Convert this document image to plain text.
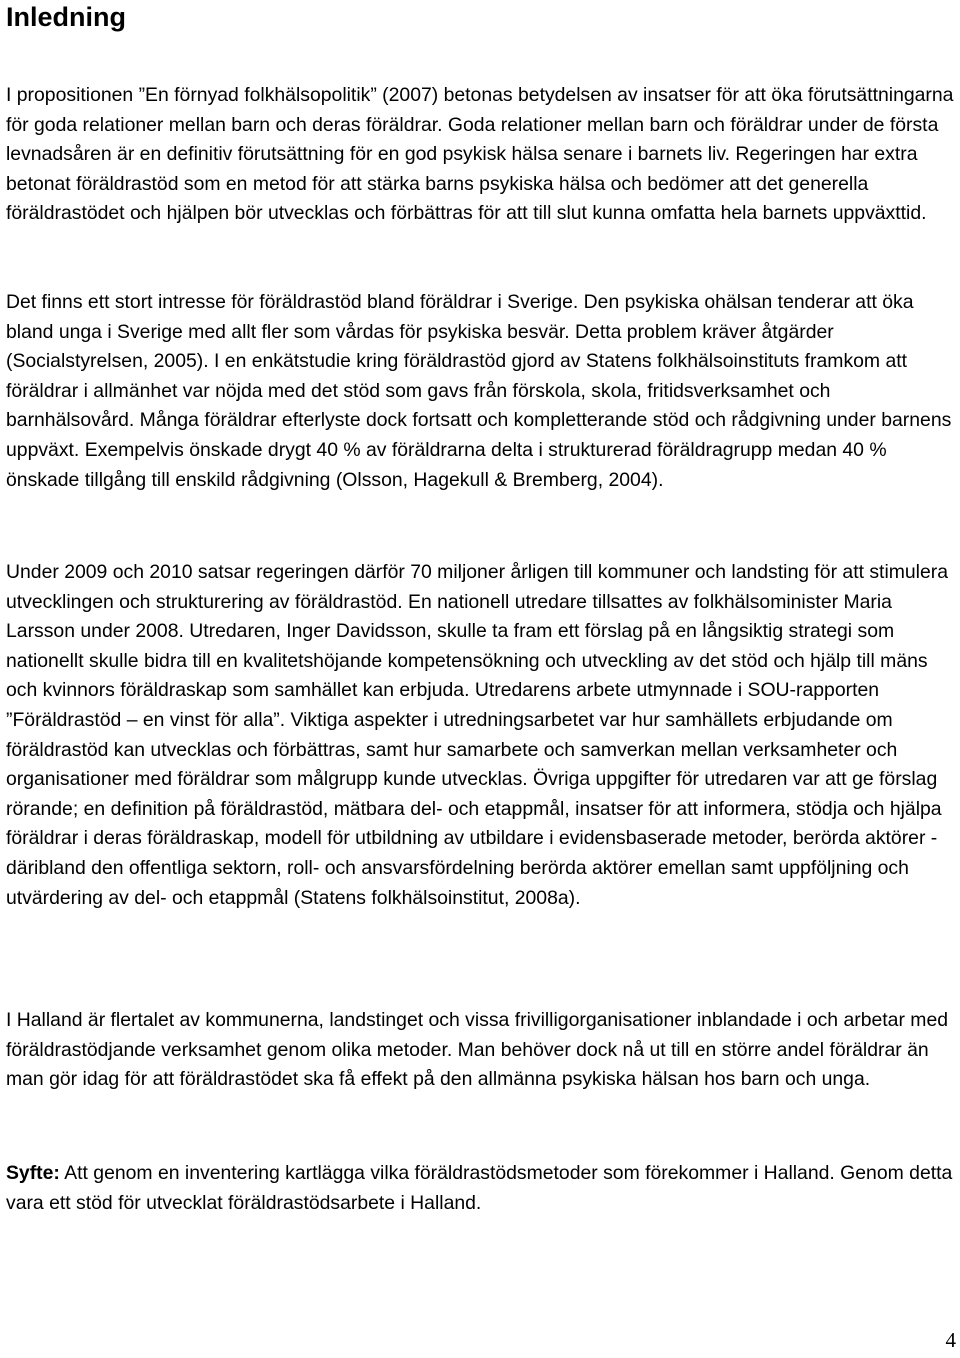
Inledning

I propositionen ”En förnyad folkhälsopolitik” (2007) betonas betydelsen av insatser för att öka förutsättningarna för goda relationer mellan barn och deras föräldrar. Goda relationer mellan barn och föräldrar under de första levnadsåren är en definitiv förutsättning för en god psykisk hälsa senare i barnets liv. Regeringen har extra betonat föräldrastöd som en metod för att stärka barns psykiska hälsa och bedömer att det generella föräldrastödet och hjälpen bör utvecklas och förbättras för att till slut kunna omfatta hela barnets uppväxttid.

Det finns ett stort intresse för föräldrastöd bland föräldrar i Sverige. Den psykiska ohälsan tenderar att öka bland unga i Sverige med allt fler som vårdas för psykiska besvär. Detta problem kräver åtgärder (Socialstyrelsen, 2005). I en enkätstudie kring föräldrastöd gjord av Statens folkhälsoinstituts framkom att föräldrar i allmänhet var nöjda med det stöd som gavs från förskola, skola, fritidsverksamhet och barnhälsovård. Många föräldrar efterlyste dock fortsatt och kompletterande stöd och rådgivning under barnens uppväxt. Exempelvis önskade drygt 40 % av föräldrarna delta i strukturerad föräldragrupp medan 40 % önskade tillgång till enskild rådgivning (Olsson, Hagekull & Bremberg, 2004).

Under 2009 och 2010 satsar regeringen därför 70 miljoner årligen till kommuner och landsting för att stimulera utvecklingen och strukturering av föräldrastöd. En nationell utredare tillsattes av folkhälsominister Maria Larsson under 2008. Utredaren, Inger Davidsson, skulle ta fram ett förslag på en långsiktig strategi som nationellt skulle bidra till en kvalitetshöjande kompetensökning och utveckling av det stöd och hjälp till mäns och kvinnors föräldraskap som samhället kan erbjuda. Utredarens arbete utmynnade i SOU-rapporten ”Föräldrastöd – en vinst för alla”. Viktiga aspekter i utredningsarbetet var hur samhällets erbjudande om föräldrastöd kan utvecklas och förbättras, samt hur samarbete och samverkan mellan verksamheter och organisationer med föräldrar som målgrupp kunde utvecklas. Övriga uppgifter för utredaren var att ge förslag rörande; en definition på föräldrastöd, mätbara del- och etappmål, insatser för att informera, stödja och hjälpa föräldrar i deras föräldraskap, modell för utbildning av utbildare i evidensbaserade metoder, berörda aktörer - däribland den offentliga sektorn, roll- och ansvarsfördelning berörda aktörer emellan samt uppföljning och utvärdering av del- och etappmål (Statens folkhälsoinstitut, 2008a).

I Halland är flertalet av kommunerna, landstinget och vissa frivilligorganisationer inblandade i och arbetar med föräldrastödjande verksamhet genom olika metoder. Man behöver dock nå ut till en större andel föräldrar än man gör idag för att föräldrastödet ska få effekt på den allmänna psykiska hälsan hos barn och unga.

Syfte: Att genom en inventering kartlägga vilka föräldrastödsmetoder som förekommer i Halland. Genom detta vara ett stöd för utvecklat föräldrastödsarbete i Halland.

4
